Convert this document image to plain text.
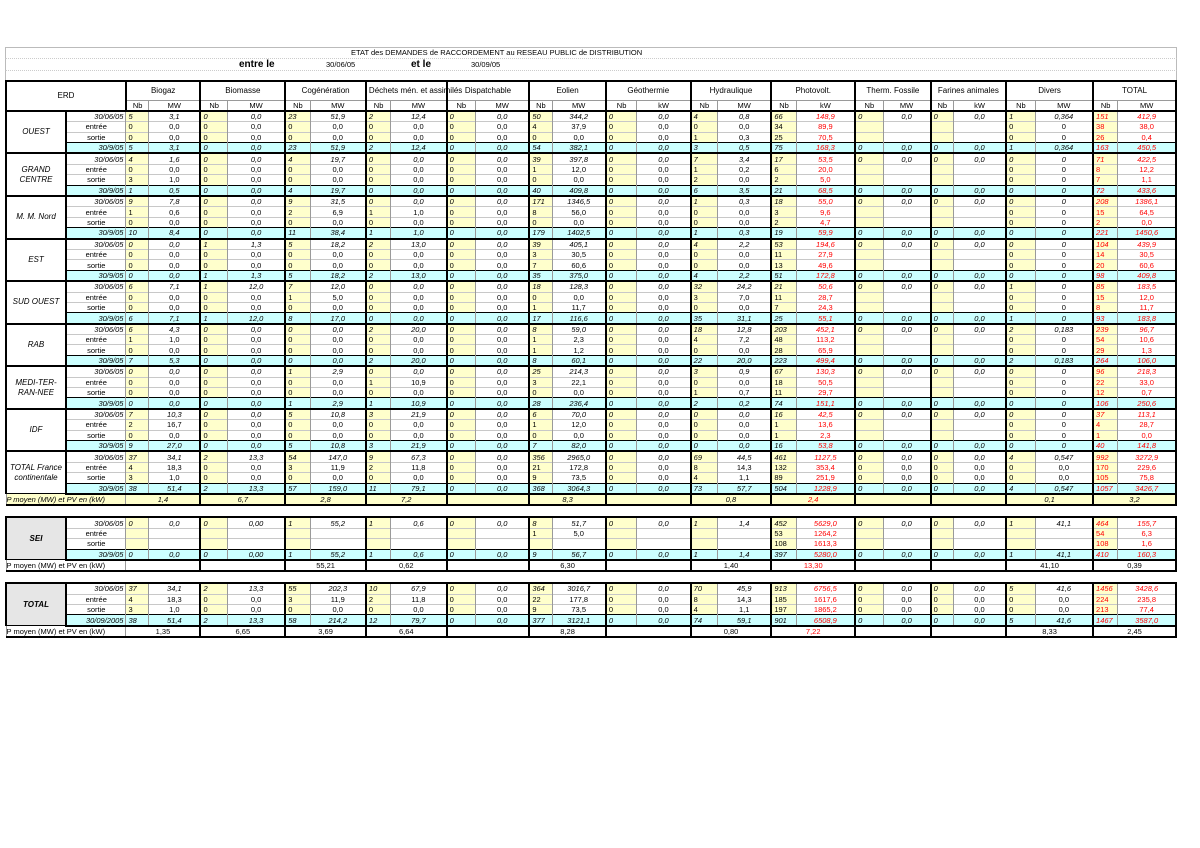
ETAT des DEMANDES de RACCORDEMENT au RESEAU PUBLIC de DISTRIBUTION
entre le	30/06/05	et le	30/09/05
ERD		Biogaz		Biomasse		Cogénération		Déchets mén. et assimilés		Dispatchable		Eolien		Géothermie		Hydraulique		Photovolt.		Therm. Fossile		Farines animales		Divers		TOTAL	
		Nb	MW	Nb	MW	Nb	MW	Nb	MW	Nb	MW	Nb	MW	Nb	kW	Nb	MW	Nb	kW	Nb	MW	Nb	kW	Nb	MW	Nb	MW
OUEST	30/06/05	5	3,1	0	0,0	23	51,9	2	12,4	0	0,0	50	344,2	0	0,0	4	0,8	66	148,9	0	0,0	0	0,0	1	0,364	151	412,9
	entrée	0	0,0	0	0,0	0	0,0	0	0,0	0	0,0	4	37,9	0	0,0	0	0,0	34	89,9					0	0	38	38,0
	sortie	0	0,0	0	0,0	0	0,0	0	0,0	0	0,0	0	0,0	0	0,0	1	0,3	25	70,5					0	0	26	0,4
	30/9/05	5	3,1	0	0,0	23	51,9	2	12,4	0	0,0	54	382,1	0	0,0	3	0,5	75	168,3	0	0,0	0	0,0	1	0,364	163	450,5
GRAND CENTRE	30/06/05	4	1,6	0	0,0	4	19,7	0	0,0	0	0,0	39	397,8	0	0,0	7	3,4	17	53,5	0	0,0	0	0,0	0	0	71	422,5
	entrée	0	0,0	0	0,0	0	0,0	0	0,0	0	0,0	1	12,0	0	0,0	1	0,2	6	20,0					0	0	8	12,2
	sortie	3	1,0	0	0,0	0	0,0	0	0,0	0	0,0	0	0,0	0	0,0	2	0,0	2	5,0					0	0	7	1,1
	30/9/05	1	0,5	0	0,0	4	19,7	0	0,0	0	0,0	40	409,8	0	0,0	6	3,5	21	68,5	0	0,0	0	0,0	0	0	72	433,6
M. M. Nord	30/06/05	9	7,8	0	0,0	9	31,5	0	0,0	0	0,0	171	1346,5	0	0,0	1	0,3	18	55,0	0	0,0	0	0,0	0	0	208	1386,1
	entrée	1	0,6	0	0,0	2	6,9	1	1,0	0	0,0	8	56,0	0	0,0	0	0,0	3	9,6					0	0	15	64,5
	sortie	0	0,0	0	0,0	0	0,0	0	0,0	0	0,0	0	0,0	0	0,0	0	0,0	2	4,7					0	0	2	0,0
	30/9/05	10	8,4	0	0,0	11	38,4	1	1,0	0	0,0	179	1402,5	0	0,0	1	0,3	19	59,9	0	0,0	0	0,0	0	0	221	1450,6
EST	30/06/05	0	0,0	1	1,3	5	18,2	2	13,0	0	0,0	39	405,1	0	0,0	4	2,2	53	194,6	0	0,0	0	0,0	0	0	104	439,9
	entrée	0	0,0	0	0,0	0	0,0	0	0,0	0	0,0	3	30,5	0	0,0	0	0,0	11	27,9					0	0	14	30,5
	sortie	0	0,0	0	0,0	0	0,0	0	0,0	0	0,0	7	60,6	0	0,0	0	0,0	13	49,6					0	0	20	60,6
	30/9/05	0	0,0	1	1,3	5	18,2	2	13,0	0	0,0	35	375,0	0	0,0	4	2,2	51	172,8	0	0,0	0	0,0	0	0	98	409,8
SUD OUEST	30/06/05	6	7,1	1	12,0	7	12,0	0	0,0	0	0,0	18	128,3	0	0,0	32	24,2	21	50,6	0	0,0	0	0,0	1	0	85	183,5
	entrée	0	0,0	0	0,0	1	5,0	0	0,0	0	0,0	0	0,0	0	0,0	3	7,0	11	28,7					0	0	15	12,0
	sortie	0	0,0	0	0,0	0	0,0	0	0,0	0	0,0	1	11,7	0	0,0	0	0,0	7	24,3					0	0	8	11,7
	30/9/05	6	7,1	1	12,0	8	17,0	0	0,0	0	0,0	17	116,6	0	0,0	35	31,1	25	55,1	0	0,0	0	0,0	1	0	93	183,8
RAB	30/06/05	6	4,3	0	0,0	0	0,0	2	20,0	0	0,0	8	59,0	0	0,0	18	12,8	203	452,1	0	0,0	0	0,0	2	0,183	239	96,7
	entrée	1	1,0	0	0,0	0	0,0	0	0,0	0	0,0	1	2,3	0	0,0	4	7,2	48	113,2					0	0	54	10,6
	sortie	0	0,0	0	0,0	0	0,0	0	0,0	0	0,0	1	1,2	0	0,0	0	0,0	28	65,9					0	0	29	1,3
	30/9/05	7	5,3	0	0,0	0	0,0	2	20,0	0	0,0	8	60,1	0	0,0	22	20,0	223	499,4	0	0,0	0	0,0	2	0,183	264	106,0
MEDI-TER-RAN-NEE	30/06/05	0	0,0	0	0,0	1	2,9	0	0,0	0	0,0	25	214,3	0	0,0	3	0,9	67	130,3	0	0,0	0	0,0	0	0	96	218,3
	entrée	0	0,0	0	0,0	0	0,0	1	10,9	0	0,0	3	22,1	0	0,0	0	0,0	18	50,5					0	0	22	33,0
	sortie	0	0,0	0	0,0	0	0,0	0	0,0	0	0,0	0	0,0	0	0,0	1	0,7	11	29,7					0	0	12	0,7
	30/9/05	0	0,0	0	0,0	1	2,9	1	10,9	0	0,0	28	236,4	0	0,0	2	0,2	74	151,1	0	0,0	0	0,0	0	0	106	250,6
IDF	30/06/05	7	10,3	0	0,0	5	10,8	3	21,9	0	0,0	6	70,0	0	0,0	0	0,0	16	42,5	0	0,0	0	0,0	0	0	37	113,1
	entrée	2	16,7	0	0,0	0	0,0	0	0,0	0	0,0	1	12,0	0	0,0	0	0,0	1	13,6					0	0	4	28,7
	sortie	0	0,0	0	0,0	0	0,0	0	0,0	0	0,0	0	0,0	0	0,0	0	0,0	1	2,3					0	0	1	0,0
	30/9/05	9	27,0	0	0,0	5	10,8	3	21,9	0	0,0	7	82,0	0	0,0	0	0,0	16	53,8	0	0,0	0	0,0	0	0	40	141,8
TOTAL France continentale	30/06/05	37	34,1	2	13,3	54	147,0	9	67,3	0	0,0	356	2965,0	0	0,0	69	44,5	461	1127,5	0	0,0	0	0,0	4	0,547	992	3272,9
	entrée	4	18,3	0	0,0	3	11,9	2	11,8	0	0,0	21	172,8	0	0,0	8	14,3	132	353,4	0	0,0	0	0,0	0	0,0	170	229,6
	sortie	3	1,0	0	0,0	0	0,0	0	0,0	0	0,0	9	73,5	0	0,0	4	1,1	89	251,9	0	0,0	0	0,0	0	0,0	105	75,8
	30/9/05	38	51,4	2	13,3	57	159,0	11	79,1	0	0,0	368	3064,3	0	0,0	73	57,7	504	1228,9	0	0,0	0	0,0	4	0,547	1057	3426,7
P moyen (MW) et PV en (kW)		1,4		6,7		2,8		7,2				8,3				0,8		2,4						0,1		3,2	

SEI	30/06/05	0	0,0	0	0,00	1	55,2	1	0,6	0	0,0	8	51,7	0	0,0	1	1,4	452	5629,0	0	0,0	0	0,0	1	41,1	464	155,7
	entrée											1	5,0					53	1264,2							54	6,3
	sortie																	108	1613,3							108	1,6
	30/9/05	0	0,0	0	0,00	1	55,2	1	0,6	0	0,0	9	56,7	0	0,0	1	1,4	397	5280,0	0	0,0	0	0,0	1	41,1	410	160,3
P moyen (MW) et PV en (kW)						55,21		0,62				6,30				1,40		13,30						41,10		0,39	

TOTAL	30/06/05	37	34,1	2	13,3	55	202,3	10	67,9	0	0,0	364	3016,7	0	0,0	70	45,9	913	6756,5	0	0,0	0	0,0	5	41,6	1456	3428,6
	entrée	4	18,3	0	0,0	3	11,9	2	11,8	0	0,0	22	177,8	0	0,0	8	14,3	185	1617,6	0	0,0	0	0,0	0	0,0	224	235,8
	sortie	3	1,0	0	0,0	0	0,0	0	0,0	0	0,0	9	73,5	0	0,0	4	1,1	197	1865,2	0	0,0	0	0,0	0	0,0	213	77,4
	30/09/2005	38	51,4	2	13,3	58	214,2	12	79,7	0	0,0	377	3121,1	0	0,0	74	59,1	901	6508,9	0	0,0	0	0,0	5	41,6	1467	3587,0
P moyen (MW) et PV en (kW)		1,35		6,65		3,69		6,64				8,28				0,80		7,22						8,33		2,45	
